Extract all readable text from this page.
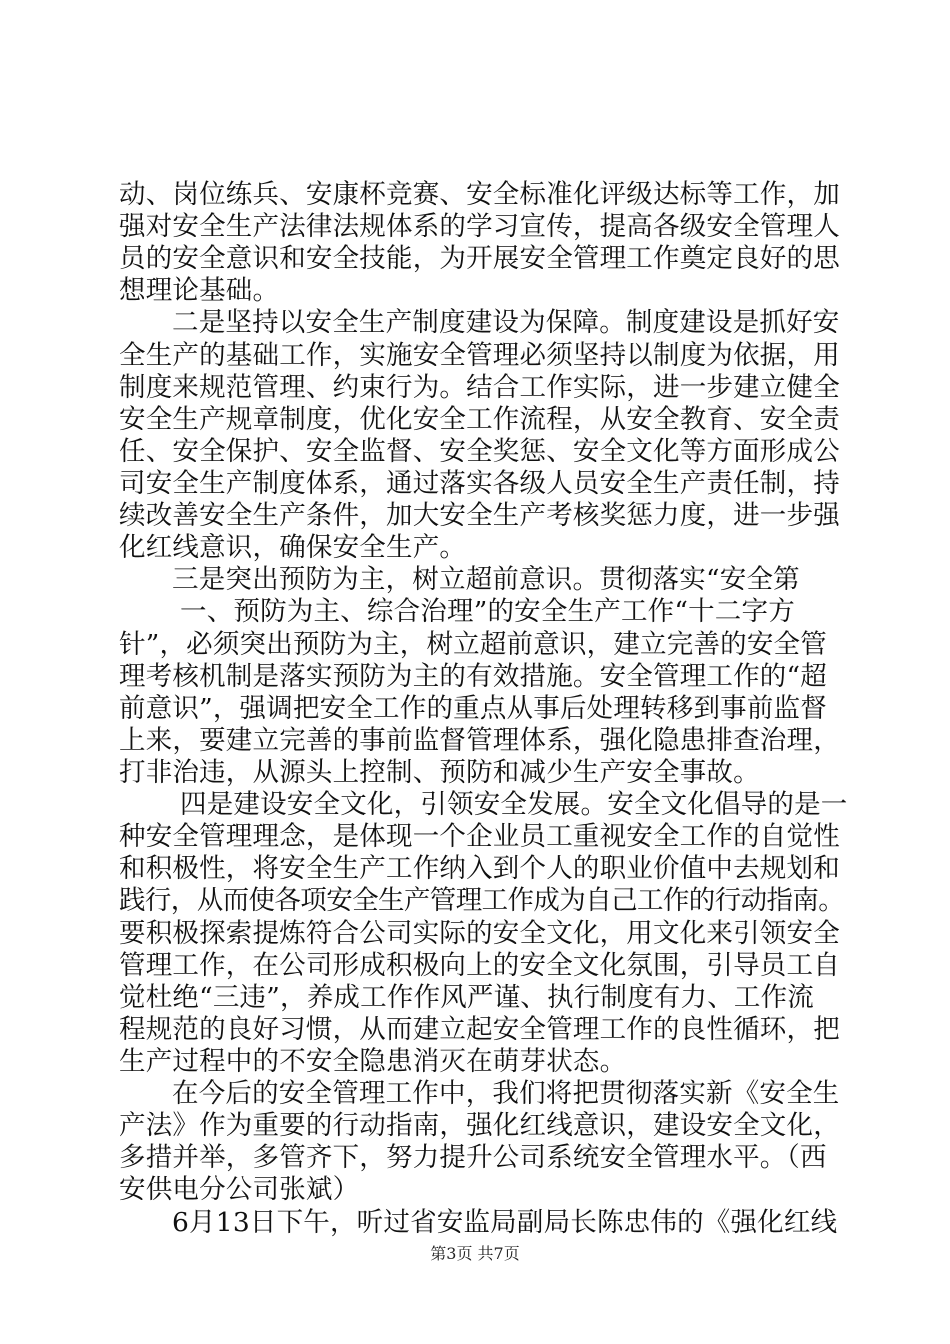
动、岗位练兵、安康杯竞赛、安全标准化评级达标等工作，加
强对安全生产法律法规体系的学习宣传，提高各级安全管理人
员的安全意识和安全技能，为开展安全管理工作奠定良好的思
想理论基础。
二是坚持以安全生产制度建设为保障。制度建设是抓好安
全生产的基础工作，实施安全管理必须坚持以制度为依据，用
制度来规范管理、约束行为。结合工作实际，进一步建立健全
安全生产规章制度，优化安全工作流程，从安全教育、安全责
任、安全保护、安全监督、安全奖惩、安全文化等方面形成公
司安全生产制度体系，通过落实各级人员安全生产责任制，持
续改善安全生产条件，加大安全生产考核奖惩力度，进一步强
化红线意识，确保安全生产。
三是突出预防为主，树立超前意识。贯彻落实“安全第
一、预防为主、综合治理”的安全生产工作“十二字方
针”，必须突出预防为主，树立超前意识，建立完善的安全管
理考核机制是落实预防为主的有效措施。安全管理工作的“超
前意识”，强调把安全工作的重点从事后处理转移到事前监督
上来，要建立完善的事前监督管理体系，强化隐患排查治理，
打非治违，从源头上控制、预防和减少生产安全事故。
四是建设安全文化，引领安全发展。安全文化倡导的是一
种安全管理理念，是体现一个企业员工重视安全工作的自觉性
和积极性，将安全生产工作纳入到个人的职业价值中去规划和
践行，从而使各项安全生产管理工作成为自己工作的行动指南。
要积极探索提炼符合公司实际的安全文化，用文化来引领安全
管理工作，在公司形成积极向上的安全文化氛围，引导员工自
觉杜绝“三违”，养成工作作风严谨、执行制度有力、工作流
程规范的良好习惯，从而建立起安全管理工作的良性循环，把
生产过程中的不安全隐患消灭在萌芽状态。
在今后的安全管理工作中，我们将把贯彻落实新《安全生
产法》作为重要的行动指南，强化红线意识，建设安全文化，
多措并举，多管齐下，努力提升公司系统安全管理水平。（西
安供电分公司张斌）
6月13日下午，听过省安监局副局长陈忠伟的《强化红线
第3页 共7页
